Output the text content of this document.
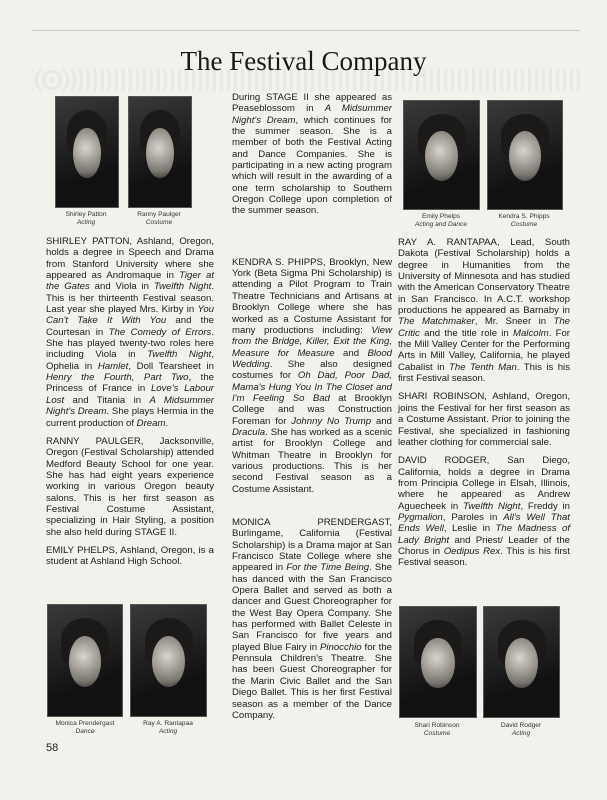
The Festival Company
Shirley Patton
Acting
Ranny Paulger
Costume
Emily Phelps
Acting and Dance
Kendra S. Phipps
Costume
Monica Prendergast
Dance
Ray A. Rantapaa
Acting
Shari Robinson
Costume
David Rodger
Acting

SHIRLEY PATTON, Ashland, Oregon, holds a degree in Speech and Drama from Stanford University where she appeared as Andromaque in Tiger at the Gates and Viola in Twelfth Night. This is her thirteenth Festival season. Last year she played Mrs. Kirby in You Can't Take It With You and the Courtesan in The Comedy of Errors. She has played twenty-two roles here including Viola in Twelfth Night, Ophelia in Hamlet, Doll Tearsheet in Henry the Fourth, Part Two, the Princess of France in Love's Labour Lost and Titania in A Midsummer Night's Dream. She plays Hermia in the current production of Dream.

RANNY PAULGER, Jacksonville, Oregon (Festival Scholarship) attended Medford Beauty School for one year. She has had eight years experience working in various Oregon beauty salons. This is her first season as Festival Costume Assistant, specializing in Hair Styling, a position she also held during STAGE II.

EMILY PHELPS, Ashland, Oregon, is a student at Ashland High School.

During STAGE II she appeared as Peaseblossom in A Midsummer Night's Dream, which continues for the summer season. She is a member of both the Festival Acting and Dance Companies. She is participating in a new acting program which will result in the awarding of a one term scholarship to Southern Oregon College upon completion of the summer season.

KENDRA S. PHIPPS, Brooklyn, New York (Beta Sigma Phi Scholarship) is attending a Pilot Program to Train Theatre Technicians and Artisans at Brooklyn College where she has worked as a Costume Assistant for many productions including: View from the Bridge, Killer, Exit the King, Measure for Measure and Blood Wedding. She also designed costumes for Oh Dad, Poor Dad, Mama's Hung You In The Closet and I'm Feeling So Bad at Brooklyn College and was Construction Foreman for Johnny No Trump and Dracula. She has worked as a scenic artist for Brooklyn College and Whitman Theatre in Brooklyn for various productions. This is her second Festival season as a Costume Assistant.

MONICA PRENDERGAST, Burlingame, California (Festival Scholarship) is a Drama major at San Francisco State College where she appeared in For the Time Being. She has danced with the San Francisco Opera Ballet and served as both a dancer and Guest Choreographer for the West Bay Opera Company. She has performed with Ballet Celeste in San Francisco for five years and played Blue Fairy in Pinocchio for the Pennsula Children's Theatre. She has been Guest Choreographer for the Marin Civic Ballet and the San Diego Ballet. This is her first Festival season as a member of the Dance Company.

RAY A. RANTAPAA, Lead, South Dakota (Festival Scholarship) holds a degree in Humanities from the University of Minnesota and has studied with the American Conservatory Theatre in San Francisco. In A.C.T. workshop productions he appeared as Barnaby in The Matchmaker, Mr. Sneer in The Critic and the title role in Malcolm. For the Mill Valley Center for the Performing Arts in Mill Valley, California, he played Cabalist in The Tenth Man. This is his first Festival season.

SHARI ROBINSON, Ashland, Oregon, joins the Festival for her first season as a Costume Assistant. Prior to joining the Festival, she specialized in fashioning leather clothing for commercial sale.

DAVID RODGER, San Diego, California, holds a degree in Drama from Principia College in Elsah, Illinois, where he appeared as Andrew Aguecheek in Twelfth Night, Freddy in Pygmalion, Paroles in All's Well That Ends Well, Leslie in The Madness of Lady Bright and Priest/ Leader of the Chorus in Oedipus Rex. This is his first Festival season.

58
